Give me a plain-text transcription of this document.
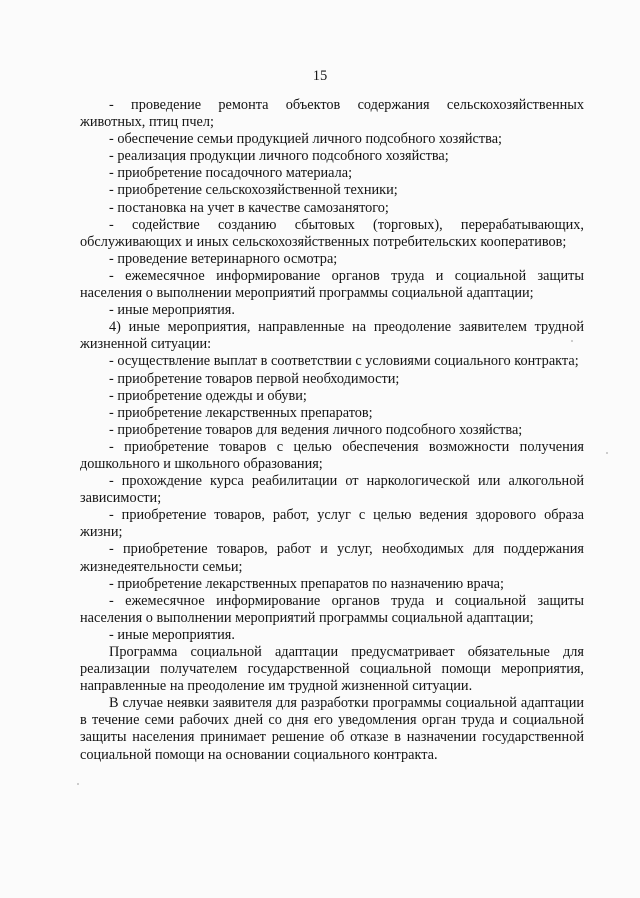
15

- проведение ремонта объектов содержания сельскохозяйственных животных, птиц пчел;

- обеспечение семьи продукцией личного подсобного хозяйства;

- реализация продукции личного подсобного хозяйства;

- приобретение посадочного материала;

- приобретение сельскохозяйственной техники;

- постановка на учет в качестве самозанятого;

- содействие созданию сбытовых (торговых), перерабатывающих, обслуживающих и иных сельскохозяйственных потребительских кооперативов;

- проведение ветеринарного осмотра;

- ежемесячное информирование органов труда и социальной защиты населения о выполнении мероприятий программы социальной адаптации;

- иные мероприятия.

4) иные мероприятия, направленные на преодоление заявителем трудной жизненной ситуации:

- осуществление выплат в соответствии с условиями социального контракта;

- приобретение товаров первой необходимости;

- приобретение одежды и обуви;

- приобретение лекарственных препаратов;

- приобретение товаров для ведения личного подсобного хозяйства;

- приобретение товаров с целью обеспечения возможности получения дошкольного и школьного образования;

- прохождение курса реабилитации от наркологической или алкогольной зависимости;

- приобретение товаров, работ, услуг с целью ведения здорового образа жизни;

- приобретение товаров, работ и услуг, необходимых для поддержания жизнедеятельности семьи;

- приобретение лекарственных препаратов по назначению врача;

- ежемесячное информирование органов труда и социальной защиты населения о выполнении мероприятий программы социальной адаптации;

- иные мероприятия.

Программа социальной адаптации предусматривает обязательные для реализации получателем государственной социальной помощи мероприятия, направленные на преодоление им трудной жизненной ситуации.

В случае неявки заявителя для разработки программы социальной адаптации в течение семи рабочих дней со дня его уведомления орган труда и социальной защиты населения принимает решение об отказе в назначении государственной социальной помощи на основании социального контракта.
